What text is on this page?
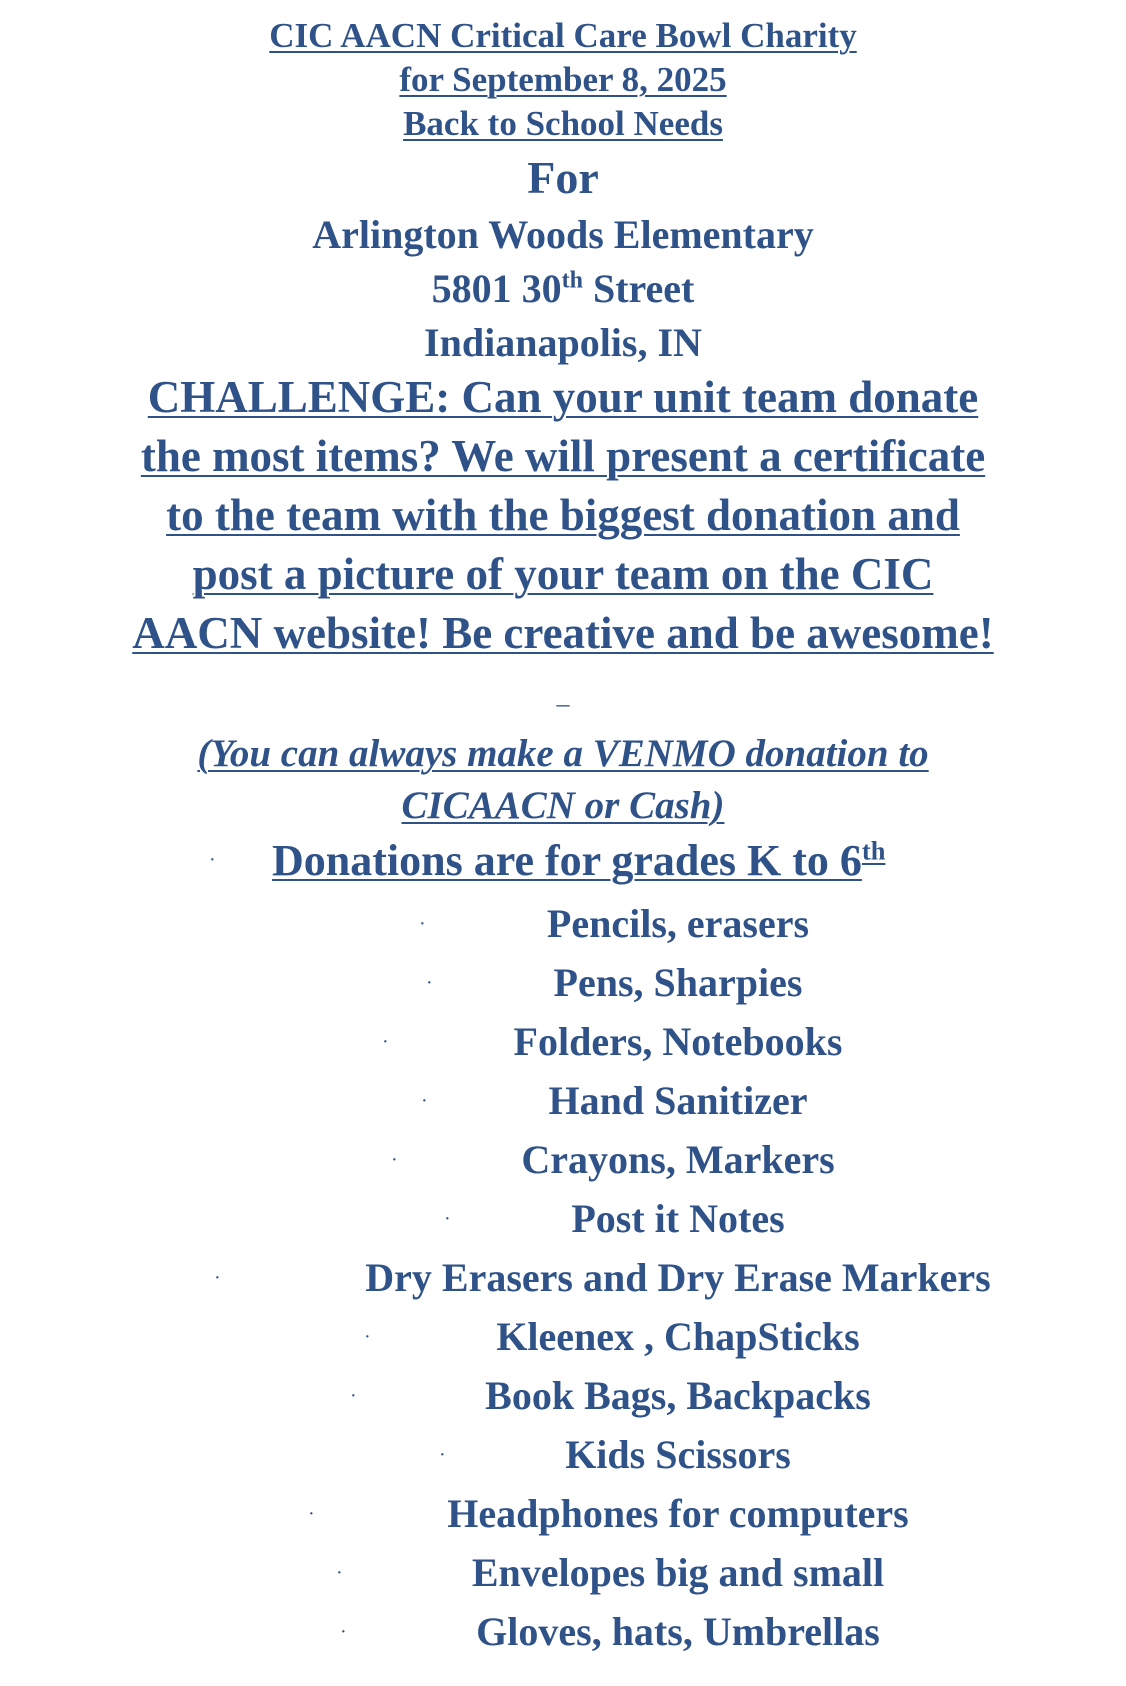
CIC AACN Critical Care Bowl Charity
for September 8, 2025
Back to School Needs
For
Arlington Woods Elementary
5801 30th Street
Indianapolis, IN
CHALLENGE: Can your unit team donate
the most items? We will present a certificate
to the team with the biggest donation and
post a picture of your team on the CIC
AACN website! Be creative and be awesome!
_
(You can always make a VENMO donation to
CICAACN or Cash)
· Donations are for grades K to 6th
·	Pencils, erasers
·	Pens, Sharpies
·	Folders, Notebooks
·	Hand Sanitizer
·	Crayons, Markers
·	Post it Notes
·	Dry Erasers and Dry Erase Markers
·	Kleenex , ChapSticks
·	Book Bags, Backpacks
·	Kids Scissors
·	Headphones for computers
·	Envelopes big and small
·	Gloves, hats, Umbrellas
